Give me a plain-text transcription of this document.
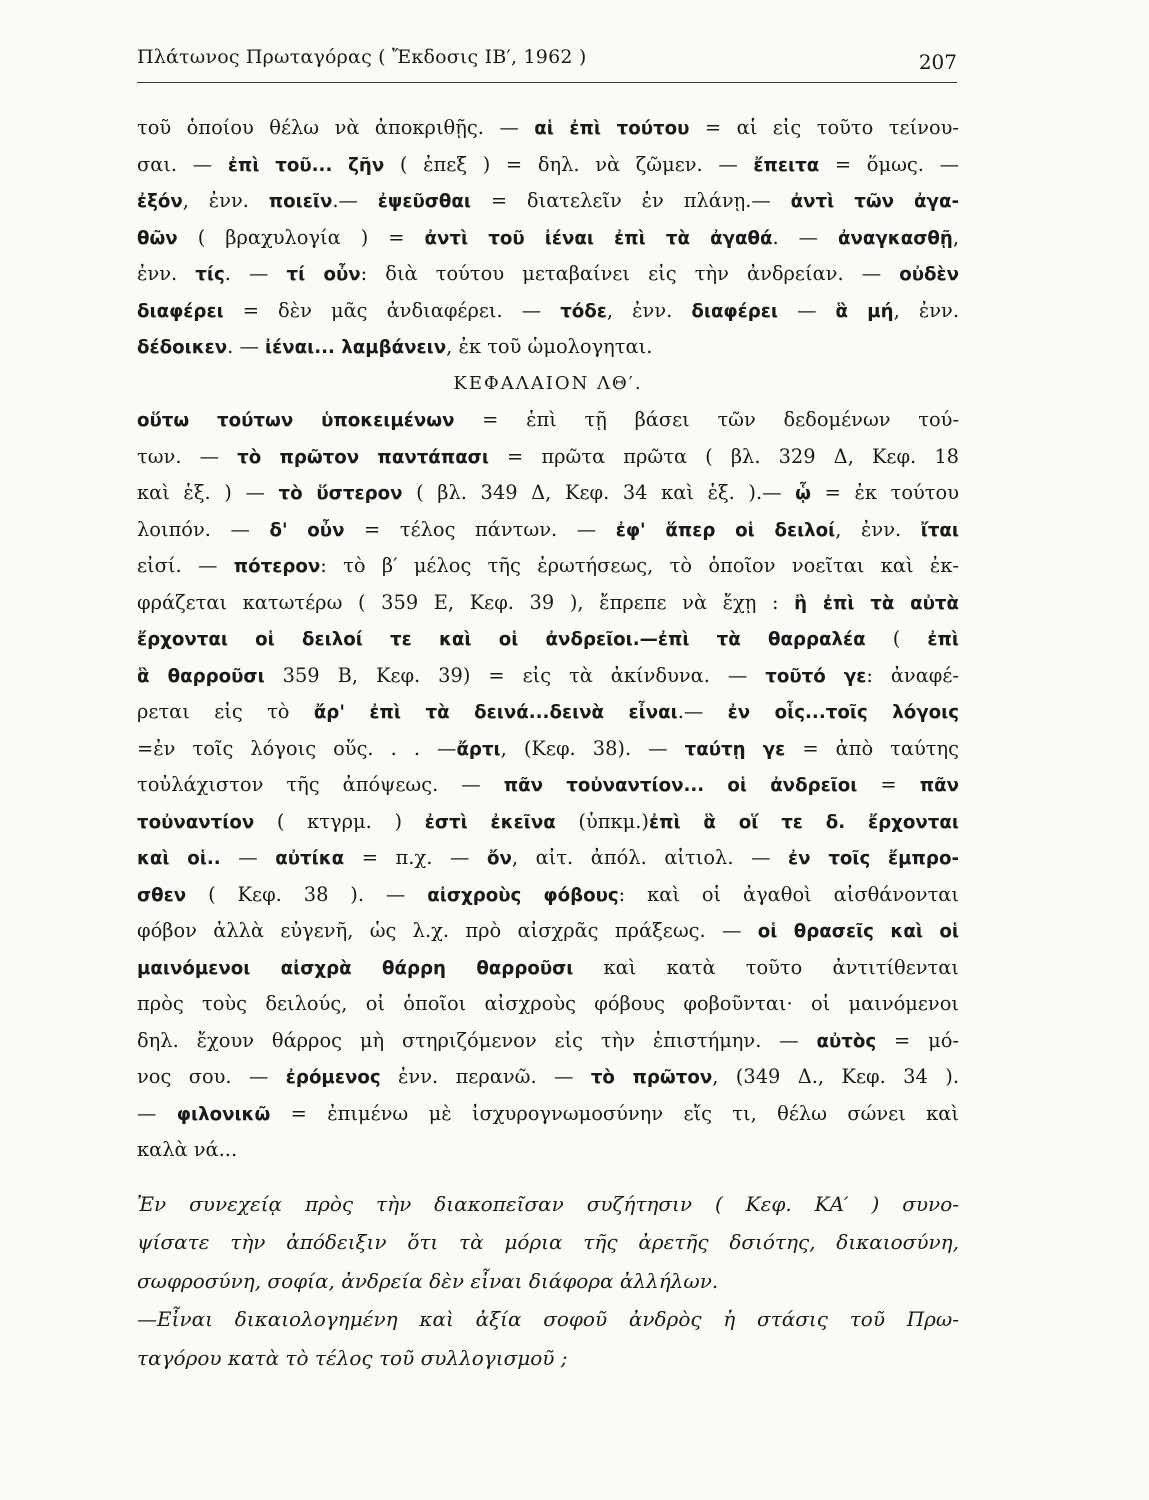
Πλάτωνος Πρωταγόρας ( Ἔκδοσις ΙΒ′, 1962 )	207
τοῦ ὁποίου θέλω νὰ ἀποκριθῇς. — αἱ ἐπὶ τούτου = αἱ εἰς τοῦτο τείνου-
σαι. — ἐπὶ τοῦ... ζῆν ( ἐπεξ ) = δηλ. νὰ ζῶμεν. — ἔπειτα = ὅμως. —
ἐξόν, ἐνν. ποιεῖν.— ἐψεῦσθαι = διατελεῖν ἐν πλάνῃ.— ἀντὶ τῶν ἀγα-
θῶν ( βραχυλογία ) = ἀντὶ τοῦ ἰέναι ἐπὶ τὰ ἀγαθά. — ἀναγκασθῇ,
ἐνν. τίς. — τί οὖν: διὰ τούτου μεταβαίνει εἰς τὴν ἀνδρείαν. — οὐδὲν
διαφέρει = δὲν μᾶς ἀνδιαφέρει. — τόδε, ἐνν. διαφέρει — ἃ μή, ἐνν.
δέδοικεν. — ἰέναι... λαμβάνειν, ἐκ τοῦ ὡμολογηται.
ΚΕΦΑΛΑΙΟΝ ΛΘ′.
οὕτω τούτων ὑποκειμένων = ἐπὶ τῇ βάσει τῶν δεδομένων τού-
των. — τὸ πρῶτον παντάπασι = πρῶτα πρῶτα ( βλ. 329 Δ, Κεφ. 18
καὶ ἑξ. ) — τὸ ὕστερον ( βλ. 349 Δ, Κεφ. 34 καὶ ἑξ. ).— ᾧ = ἐκ τούτου
λοιπόν. — δ' οὖν = τέλος πάντων. — ἐφ' ἅπερ οἱ δειλοί, ἐνν. ἴται
εἰσί. — πότερον: τὸ β′ μέλος τῆς ἐρωτήσεως, τὸ ὁποῖον νοεῖται καὶ ἐκ-
φράζεται κατωτέρω ( 359 Ε, Κεφ. 39 ), ἔπρεπε νὰ ἔχῃ : ἢ ἐπὶ τὰ αὐτὰ
ἔρχονται οἱ δειλοί τε καὶ οἱ ἀνδρεῖοι.—ἐπὶ τὰ θαρραλέα ( ἐπὶ
ἃ θαρροῦσι 359 Β, Κεφ. 39) = εἰς τὰ ἀκίνδυνα. — τοῦτό γε: ἀναφέ-
ρεται εἰς τὸ ἄρ' ἐπὶ τὰ δεινά...δεινὰ εἶναι.— ἐν οἷς...τοῖς λόγοις
=ἐν τοῖς λόγοις οὕς. . . —ἄρτι, (Κεφ. 38). — ταύτῃ γε = ἀπὸ ταύτης
τοὐλάχιστον τῆς ἀπόψεως. — πᾶν τοὐναντίον... οἱ ἀνδρεῖοι = πᾶν
τοὐναντίον ( κτγρμ. ) ἐστὶ ἐκεῖνα (ὑπκμ.)ἐπὶ ἃ οἵ τε δ. ἔρχονται
καὶ οἱ.. — αὐτίκα = π.χ. — ὄν, αἰτ. ἀπόλ. αἰτιολ. — ἐν τοῖς ἔμπρο-
σθεν ( Κεφ. 38 ). — αἰσχροὺς φόβους: καὶ οἱ ἀγαθοὶ αἰσθάνονται
φόβον ἀλλὰ εὐγενῆ, ὡς λ.χ. πρὸ αἰσχρᾶς πράξεως. — οἱ θρασεῖς καὶ οἱ
μαινόμενοι αἰσχρὰ θάρρη θαρροῦσι καὶ κατὰ τοῦτο ἀντιτίθενται
πρὸς τοὺς δειλούς, οἱ ὁποῖοι αἰσχροὺς φόβους φοβοῦνται· οἱ μαινόμενοι
δηλ. ἔχουν θάρρος μὴ στηριζόμενον εἰς τὴν ἐπιστήμην. — αὐτὸς = μό-
νος σου. — ἐρόμενος ἐνν. περανῶ. — τὸ πρῶτον, (349 Δ., Κεφ. 34 ).
— φιλονικῶ = ἐπιμένω μὲ ἰσχυρογνωμοσύνην εἴς τι, θέλω σώνει καὶ
καλὰ νά...
Ἐν συνεχείᾳ πρὸς τὴν διακοπεῖσαν συζήτησιν ( Κεφ. ΚΑ′ ) συνο-
ψίσατε τὴν ἀπόδειξιν ὅτι τὰ μόρια τῆς ἀρετῆς δσιότης, δικαιοσύνη,
σωφροσύνη, σοφία, ἀνδρεία δὲν εἶναι διάφορα ἀλλήλων.
—Εἶναι δικαιολογημένη καὶ ἀξία σοφοῦ ἀνδρὸς ἡ στάσις τοῦ Πρω-
ταγόρου κατὰ τὸ τέλος τοῦ συλλογισμοῦ ;
